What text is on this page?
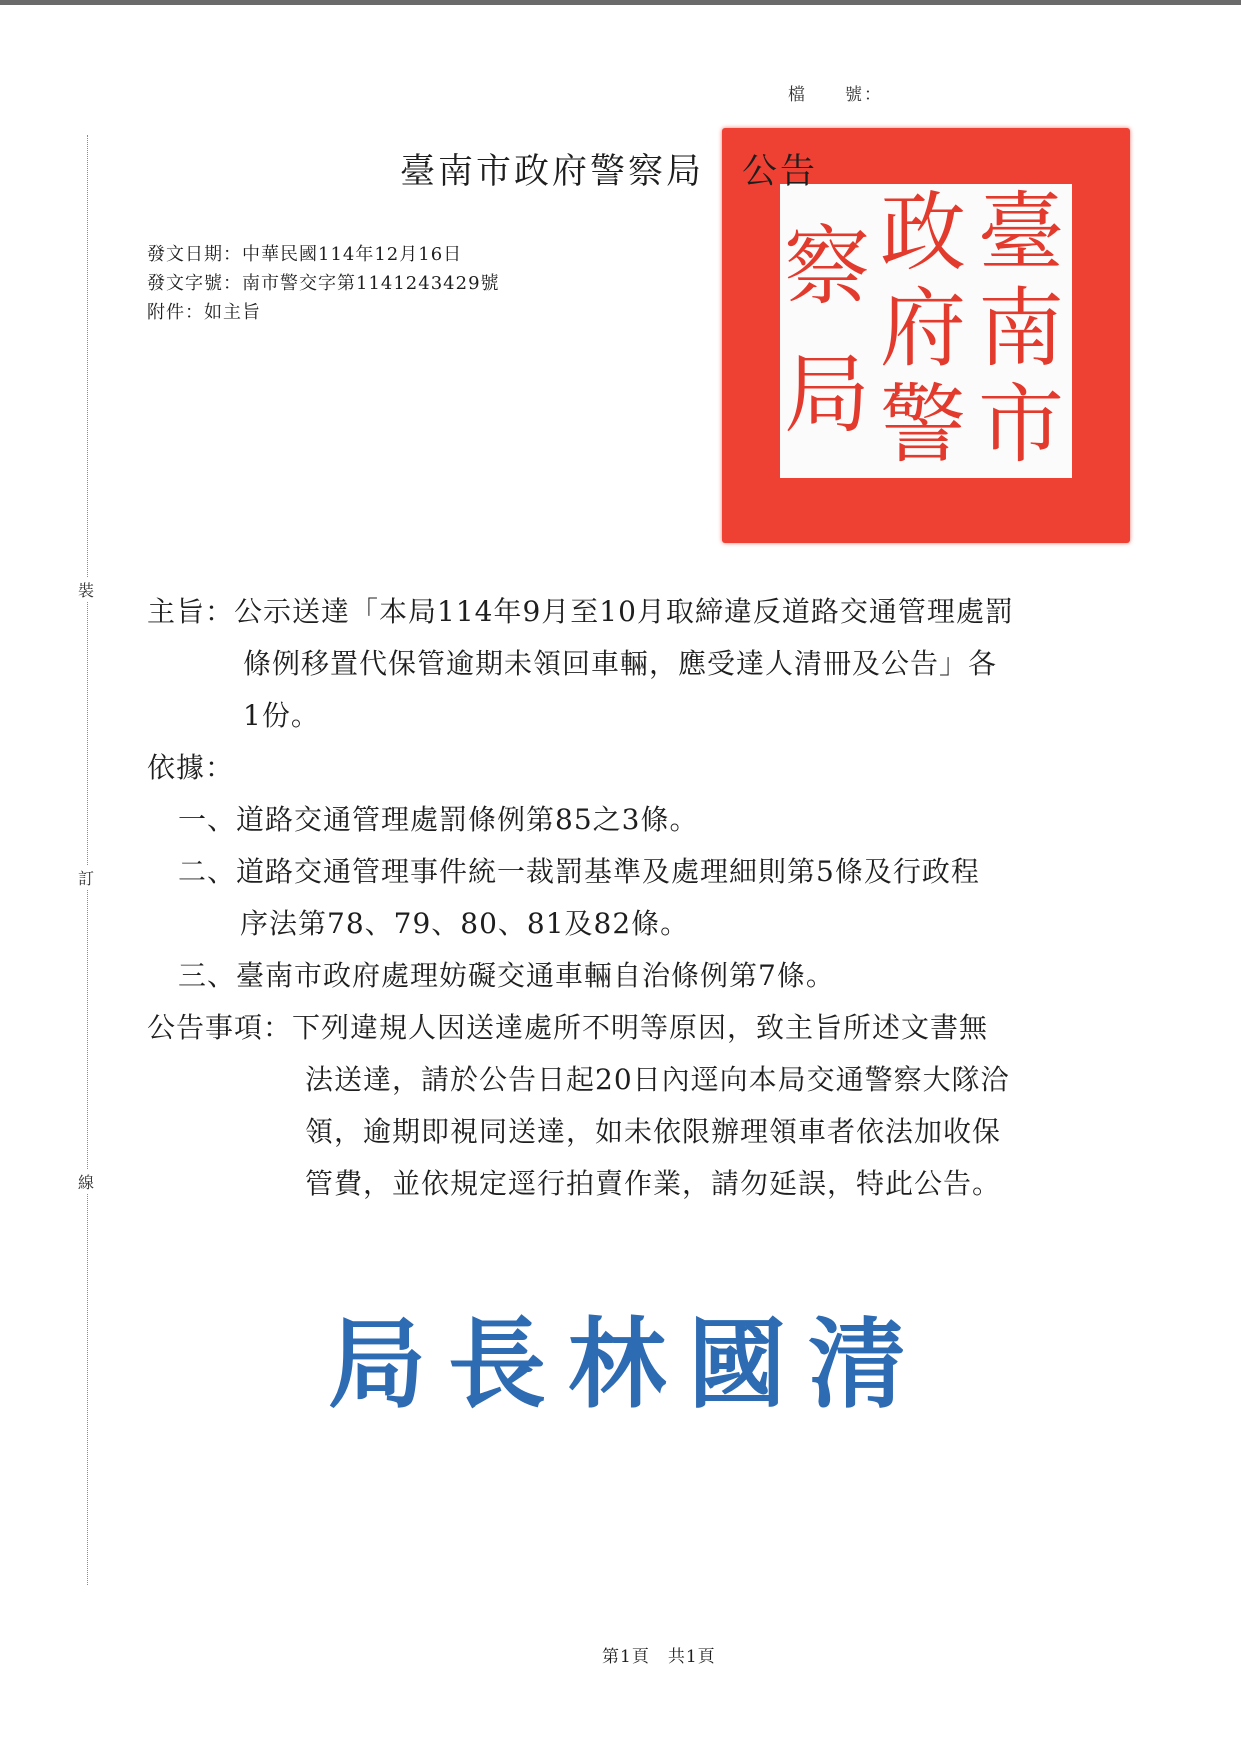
檔　　號：
裝
訂
線
臺
南
市
政
府
警
察
局
臺南市政府警察局　公告
發文日期：中華民國114年12月16日
發文字號：南市警交字第1141243429號
附件：如主旨
主旨：公示送達「本局114年9月至10月取締違反道路交通管理處罰
條例移置代保管逾期未領回車輛，應受達人清冊及公告」各
1份。
依據：
一、道路交通管理處罰條例第85之3條。
二、道路交通管理事件統一裁罰基準及處理細則第5條及行政程
序法第78、79、80、81及82條。
三、臺南市政府處理妨礙交通車輛自治條例第7條。
公告事項：下列違規人因送達處所不明等原因，致主旨所述文書無
法送達，請於公告日起20日內逕向本局交通警察大隊洽
領，逾期即視同送達，如未依限辦理領車者依法加收保
管費，並依規定逕行拍賣作業，請勿延誤，特此公告。
局 長 林 國 清
第1頁　共1頁
